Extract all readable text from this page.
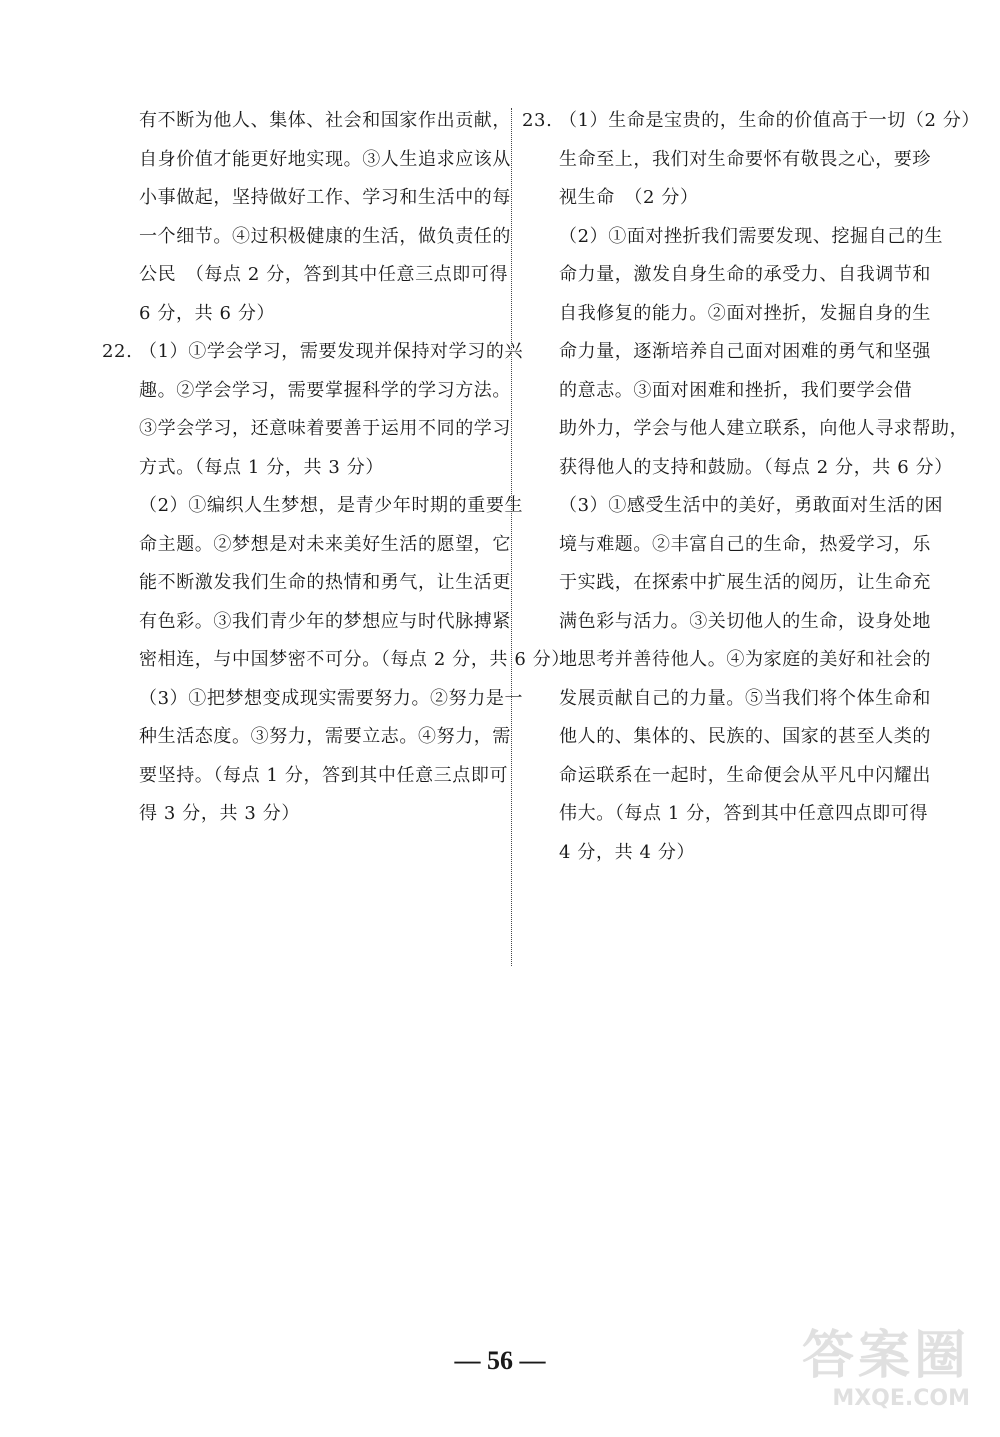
有不断为他人、集体、社会和国家作出贡献，
自身价值才能更好地实现。③人生追求应该从
小事做起，坚持做好工作、学习和生活中的每
一个细节。④过积极健康的生活，做负责任的
公民　（每点 2 分，答到其中任意三点即可得
6 分，共 6 分）
22. （1）①学会学习，需要发现并保持对学习的兴
趣。②学会学习，需要掌握科学的学习方法。
③学会学习，还意味着要善于运用不同的学习
方式。（每点 1 分，共 3 分）
（2）①编织人生梦想，是青少年时期的重要生
命主题。②梦想是对未来美好生活的愿望，它
能不断激发我们生命的热情和勇气，让生活更
有色彩。③我们青少年的梦想应与时代脉搏紧
密相连，与中国梦密不可分。（每点 2 分，共 6 分）
（3）①把梦想变成现实需要努力。②努力是一
种生活态度。③努力，需要立志。④努力，需
要坚持。（每点 1 分，答到其中任意三点即可
得 3 分，共 3 分）
23. （1）生命是宝贵的，生命的价值高于一切（2 分）
生命至上，我们对生命要怀有敬畏之心，要珍
视生命　（2 分）
（2）①面对挫折我们需要发现、挖掘自己的生
命力量，激发自身生命的承受力、自我调节和
自我修复的能力。②面对挫折，发掘自身的生
命力量，逐渐培养自己面对困难的勇气和坚强
的意志。③面对困难和挫折，我们要学会借
助外力，学会与他人建立联系，向他人寻求帮助，
获得他人的支持和鼓励。（每点 2 分，共 6 分）
（3）①感受生活中的美好，勇敢面对生活的困
境与难题。②丰富自己的生命，热爱学习，乐
于实践，在探索中扩展生活的阅历，让生命充
满色彩与活力。③关切他人的生命，设身处地
地思考并善待他人。④为家庭的美好和社会的
发展贡献自己的力量。⑤当我们将个体生命和
他人的、集体的、民族的、国家的甚至人类的
命运联系在一起时，生命便会从平凡中闪耀出
伟大。（每点 1 分，答到其中任意四点即可得
4 分，共 4 分）
— 56 —	答案圈
MXQE.COM
